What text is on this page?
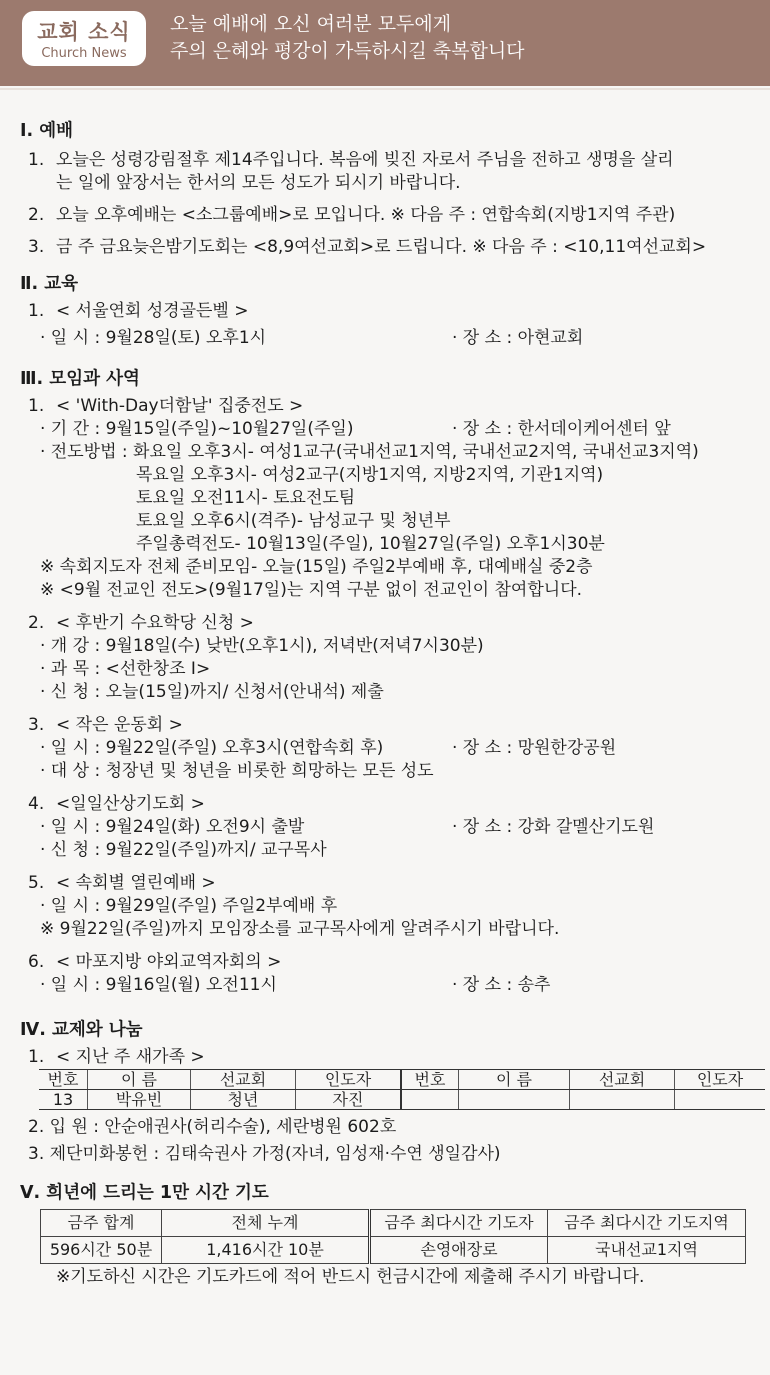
교회 소식
Church News
오늘 예배에 오신 여러분 모두에게
주의 은혜와 평강이 가득하시길 축복합니다
Ⅰ. 예배
1. 오늘은 성령강림절후 제14주입니다. 복음에 빚진 자로서 주님을 전하고 생명을 살리
는 일에 앞장서는 한서의 모든 성도가 되시기 바랍니다.
2. 오늘 오후예배는 <소그룹예배>로 모입니다. ※ 다음 주 : 연합속회(지방1지역 주관)
3. 금 주 금요늦은밤기도회는 <8,9여선교회>로 드립니다. ※ 다음 주 : <10,11여선교회>
Ⅱ. 교육
1. < 서울연회 성경골든벨 >
· 일 시 : 9월28일(토) 오후1시	· 장 소 : 아현교회
Ⅲ. 모임과 사역
1. < 'With-Day더함날' 집중전도 >
· 기 간 : 9월15일(주일)~10월27일(주일)	· 장 소 : 한서데이케어센터 앞
· 전도방법 : 화요일 오후3시- 여성1교구(국내선교1지역, 국내선교2지역, 국내선교3지역)
목요일 오후3시- 여성2교구(지방1지역, 지방2지역, 기관1지역)
토요일 오전11시- 토요전도팀
토요일 오후6시(격주)- 남성교구 및 청년부
주일총력전도- 10월13일(주일), 10월27일(주일) 오후1시30분
※ 속회지도자 전체 준비모임- 오늘(15일) 주일2부예배 후, 대예배실 중2층
※ <9월 전교인 전도>(9월17일)는 지역 구분 없이 전교인이 참여합니다.
2. < 후반기 수요학당 신청 >
· 개 강 : 9월18일(수) 낮반(오후1시), 저녁반(저녁7시30분)
· 과 목 : <선한창조 Ⅰ>
· 신 청 : 오늘(15일)까지/ 신청서(안내석) 제출
3. < 작은 운동회 >
· 일 시 : 9월22일(주일) 오후3시(연합속회 후)	· 장 소 : 망원한강공원
· 대 상 : 청장년 및 청년을 비롯한 희망하는 모든 성도
4. <일일산상기도회 >
· 일 시 : 9월24일(화) 오전9시 출발	· 장 소 : 강화 갈멜산기도원
· 신 청 : 9월22일(주일)까지/ 교구목사
5. < 속회별 열린예배 >
· 일 시 : 9월29일(주일) 주일2부예배 후
※ 9월22일(주일)까지 모임장소를 교구목사에게 알려주시기 바랍니다.
6. < 마포지방 야외교역자회의 >
· 일 시 : 9월16일(월) 오전11시	· 장 소 : 송추
Ⅳ. 교제와 나눔
1. < 지난 주 새가족 >
번호	이 름	선교회	인도자	번호	이 름	선교회	인도자
13	박유빈	청년	자진				
2. 입 원 : 안순애권사(허리수술), 세란병원 602호
3. 제단미화봉헌 : 김태숙권사 가정(자녀, 임성재·수연 생일감사)
Ⅴ. 희년에 드리는 1만 시간 기도
금주 합계	전체 누계	금주 최다시간 기도자	금주 최다시간 기도지역
596시간 50분	1,416시간 10분	손영애장로	국내선교1지역
※기도하신 시간은 기도카드에 적어 반드시 헌금시간에 제출해 주시기 바랍니다.
